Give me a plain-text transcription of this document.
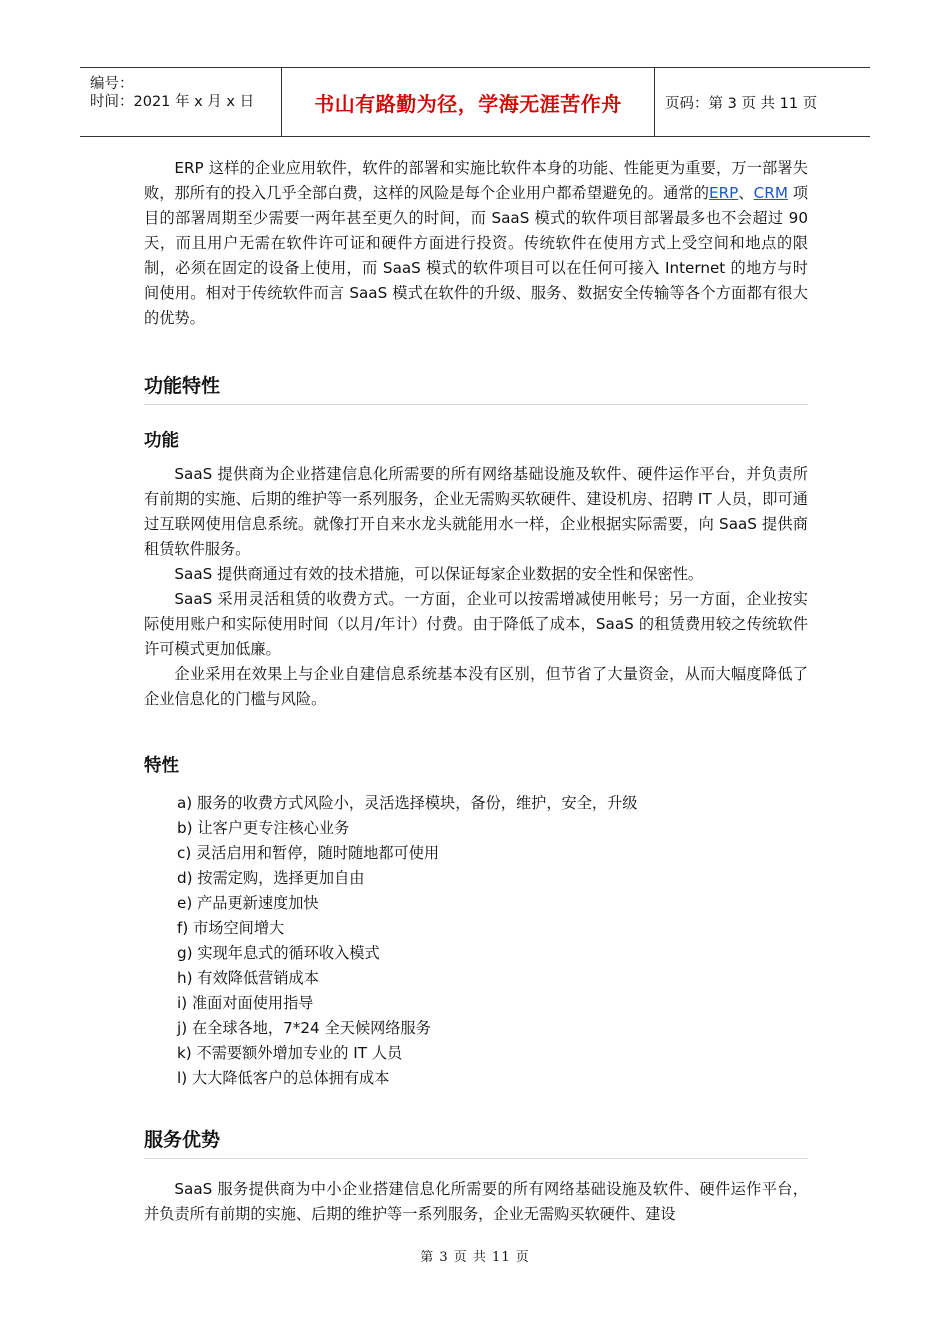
编号：
时间：2021 年 x 月 x 日	书山有路勤为径，学海无涯苦作舟	页码：第 3 页 共 11 页

ERP 这样的企业应用软件，软件的部署和实施比软件本身的功能、性能更为重要，万一部署失败，那所有的投入几乎全部白费，这样的风险是每个企业用户都希望避免的。通常的ERP、CRM 项目的部署周期至少需要一两年甚至更久的时间，而 SaaS 模式的软件项目部署最多也不会超过 90 天，而且用户无需在软件许可证和硬件方面进行投资。传统软件在使用方式上受空间和地点的限制，必须在固定的设备上使用，而 SaaS 模式的软件项目可以在任何可接入 Internet 的地方与时间使用。相对于传统软件而言 SaaS 模式在软件的升级、服务、数据安全传输等各个方面都有很大的优势。

功能特性
功能

SaaS 提供商为企业搭建信息化所需要的所有网络基础设施及软件、硬件运作平台，并负责所有前期的实施、后期的维护等一系列服务，企业无需购买软硬件、建设机房、招聘 IT 人员，即可通过互联网使用信息系统。就像打开自来水龙头就能用水一样，企业根据实际需要，向 SaaS 提供商租赁软件服务。

SaaS 提供商通过有效的技术措施，可以保证每家企业数据的安全性和保密性。

SaaS 采用灵活租赁的收费方式。一方面，企业可以按需增减使用帐号；另一方面，企业按实际使用账户和实际使用时间（以月/年计）付费。由于降低了成本，SaaS 的租赁费用较之传统软件许可模式更加低廉。

企业采用在效果上与企业自建信息系统基本没有区别，但节省了大量资金，从而大幅度降低了企业信息化的门槛与风险。

特性
a) 服务的收费方式风险小，灵活选择模块，备份，维护，安全，升级
b) 让客户更专注核心业务
c) 灵活启用和暂停，随时随地都可使用
d) 按需定购，选择更加自由
e) 产品更新速度加快
f) 市场空间增大
g) 实现年息式的循环收入模式
h) 有效降低营销成本
i) 准面对面使用指导
j) 在全球各地，7*24 全天候网络服务
k) 不需要额外增加专业的 IT 人员
l) 大大降低客户的总体拥有成本
服务优势

SaaS 服务提供商为中小企业搭建信息化所需要的所有网络基础设施及软件、硬件运作平台，并负责所有前期的实施、后期的维护等一系列服务，企业无需购买软硬件、建设

第 3 页 共 11 页
